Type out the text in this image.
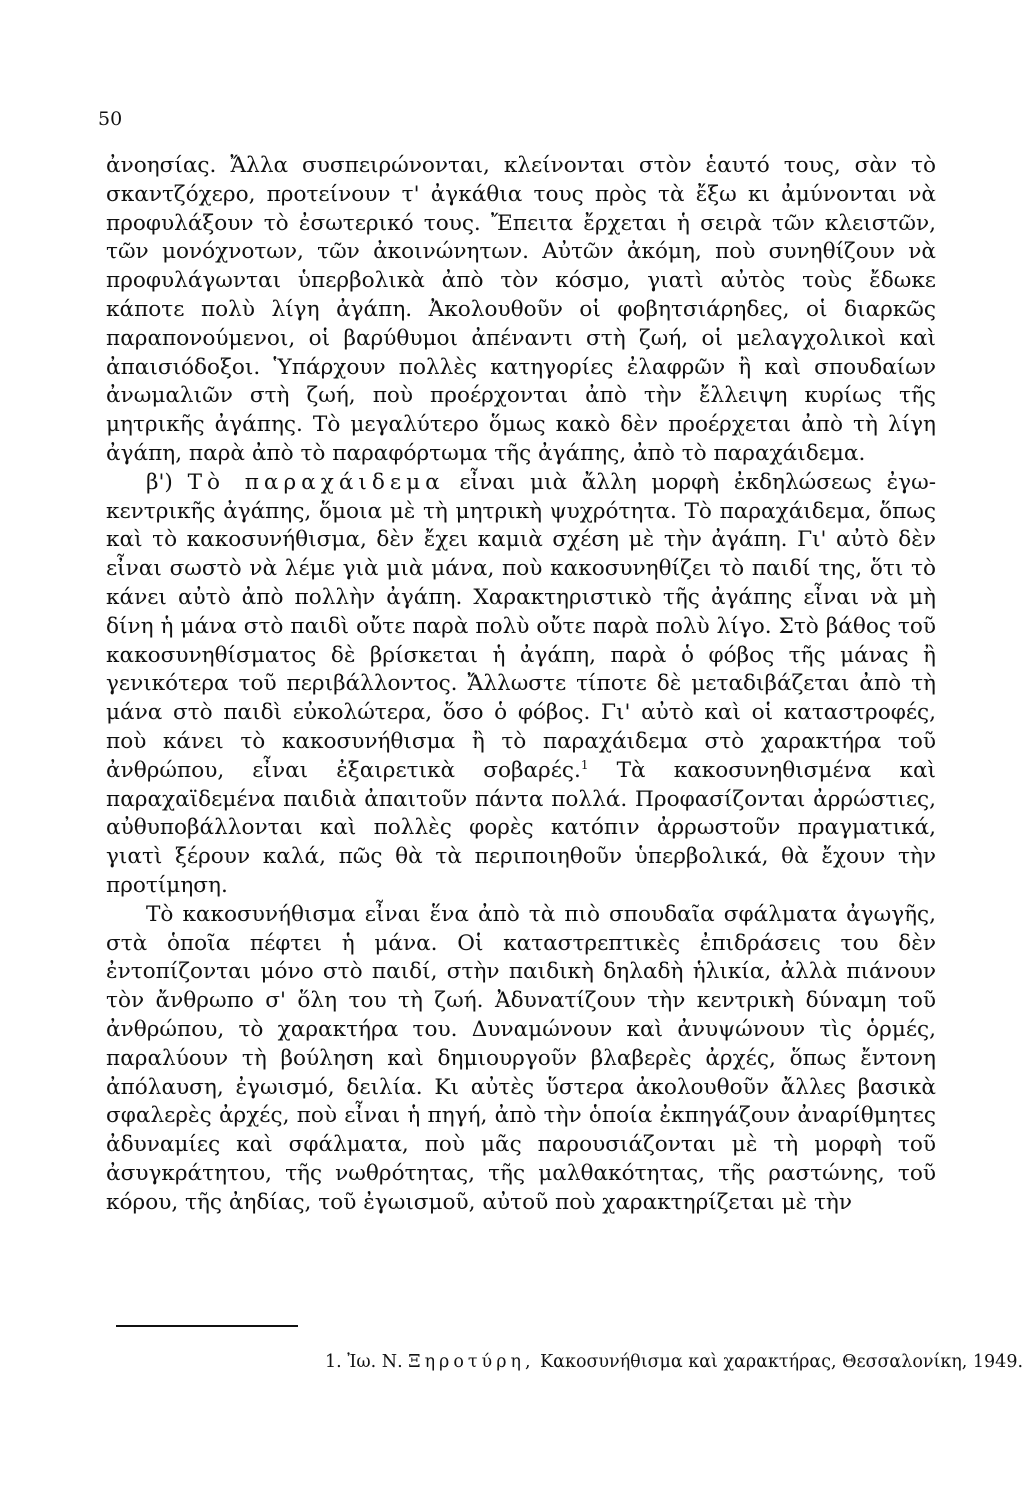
50

ἀνοησίας. Ἄλλα συσπειρώνονται, κλείνονται στὸν ἑαυτό τους, σὰν τὸ σκαντζόχερο, προτείνουν τ' ἀγκάθια τους πρὸς τὰ ἔξω κι ἀμύνονται νὰ προφυλάξουν τὸ ἐσωτερικό τους. Ἔπειτα ἔρχεται ἡ σειρὰ τῶν κλειστῶν, τῶν μονόχνοτων, τῶν ἀκοινώνητων. Αὐτῶν ἀκόμη, ποὺ συνηθίζουν νὰ προφυλάγωνται ὑπερβολικὰ ἀπὸ τὸν κόσμο, γιατὶ αὐτὸς τοὺς ἔδωκε κάποτε πολὺ λίγη ἀγάπη. Ἀκολουθοῦν οἱ φοβητσιάρηδες, οἱ διαρκῶς παραπονούμενοι, οἱ βαρύθυμοι ἀπέναντι στὴ ζωή, οἱ μελαγχολικοὶ καὶ ἀπαισιόδοξοι. Ὑπάρχουν πολλὲς κατηγορίες ἐλαφρῶν ἢ καὶ σπουδαίων ἀνωμαλιῶν στὴ ζωή, ποὺ προέρχονται ἀπὸ τὴν ἔλλειψη κυρίως τῆς μητρικῆς ἀγάπης. Τὸ μεγαλύτερο ὅμως κακὸ δὲν προέρχεται ἀπὸ τὴ λίγη ἀγάπη, παρὰ ἀπὸ τὸ παραφόρτωμα τῆς ἀγάπης, ἀπὸ τὸ παραχάιδεμα.

β') Τὸ παραχάιδεμα εἶναι μιὰ ἄλλη μορφὴ ἐκδηλώσεως ἐγωκεντρικῆς ἀγάπης, ὅμοια μὲ τὴ μητρικὴ ψυχρότητα. Τὸ παραχάιδεμα, ὅπως καὶ τὸ κακοσυνήθισμα, δὲν ἔχει καμιὰ σχέση μὲ τὴν ἀγάπη. Γι' αὐτὸ δὲν εἶναι σωστὸ νὰ λέμε γιὰ μιὰ μάνα, ποὺ κακοσυνηθίζει τὸ παιδί της, ὅτι τὸ κάνει αὐτὸ ἀπὸ πολλὴν ἀγάπη. Χαρακτηριστικὸ τῆς ἀγάπης εἶναι νὰ μὴ δίνη ἡ μάνα στὸ παιδὶ οὔτε παρὰ πολὺ οὔτε παρὰ πολὺ λίγο. Στὸ βάθος τοῦ κακοσυνηθίσματος δὲ βρίσκεται ἡ ἀγάπη, παρὰ ὁ φόβος τῆς μάνας ἢ γενικότερα τοῦ περιβάλλοντος. Ἄλλωστε τίποτε δὲ μεταδιβάζεται ἀπὸ τὴ μάνα στὸ παιδὶ εὐκολώτερα, ὅσο ὁ φόβος. Γι' αὐτὸ καὶ οἱ καταστροφές, ποὺ κάνει τὸ κακοσυνήθισμα ἢ τὸ παραχάιδεμα στὸ χαρακτήρα τοῦ ἀνθρώπου, εἶναι ἐξαιρετικὰ σοβαρές.$^1$ Τὰ κακοσυνηθισμένα καὶ παραχαϊδεμένα παιδιὰ ἀπαιτοῦν πάντα πολλά. Προφασίζονται ἀρρώστιες, αὐθυποβάλλονται καὶ πολλὲς φορὲς κατόπιν ἀρρωστοῦν πραγματικά, γιατὶ ξέρουν καλά, πῶς θὰ τὰ περιποιηθοῦν ὑπερβολικά, θὰ ἔχουν τὴν προτίμηση.

Τὸ κακοσυνήθισμα εἶναι ἕνα ἀπὸ τὰ πιὸ σπουδαῖα σφάλματα ἀγωγῆς, στὰ ὁποῖα πέφτει ἡ μάνα. Οἱ καταστρεπτικὲς ἐπιδράσεις του δὲν ἐντοπίζονται μόνο στὸ παιδί, στὴν παιδικὴ δηλαδὴ ἡλικία, ἀλλὰ πιάνουν τὸν ἄνθρωπο σ' ὅλη του τὴ ζωή. Ἀδυνατίζουν τὴν κεντρικὴ δύναμη τοῦ ἀνθρώπου, τὸ χαρακτήρα του. Δυναμώνουν καὶ ἀνυψώνουν τὶς ὁρμές, παραλύουν τὴ βούληση καὶ δημιουργοῦν βλαβερὲς ἀρχές, ὅπως ἔντονη ἀπόλαυση, ἐγωισμό, δειλία. Κι αὐτὲς ὕστερα ἀκολουθοῦν ἄλλες βασικὰ σφαλερὲς ἀρχές, ποὺ εἶναι ἡ πηγή, ἀπὸ τὴν ὁποία ἐκπηγάζουν ἀναρίθμητες ἀδυναμίες καὶ σφάλματα, ποὺ μᾶς παρουσιάζονται μὲ τὴ μορφὴ τοῦ ἀσυγκράτητου, τῆς νωθρότητας, τῆς μαλθακότητας, τῆς ραστώνης, τοῦ κόρου, τῆς ἀηδίας, τοῦ ἐγωισμοῦ, αὐτοῦ ποὺ χαρακτηρίζεται μὲ τὴν

1. Ἰω. Ν. Ξηροτύρη, Κακοσυνήθισμα καὶ χαρακτήρας, Θεσσαλονίκη, 1949.
